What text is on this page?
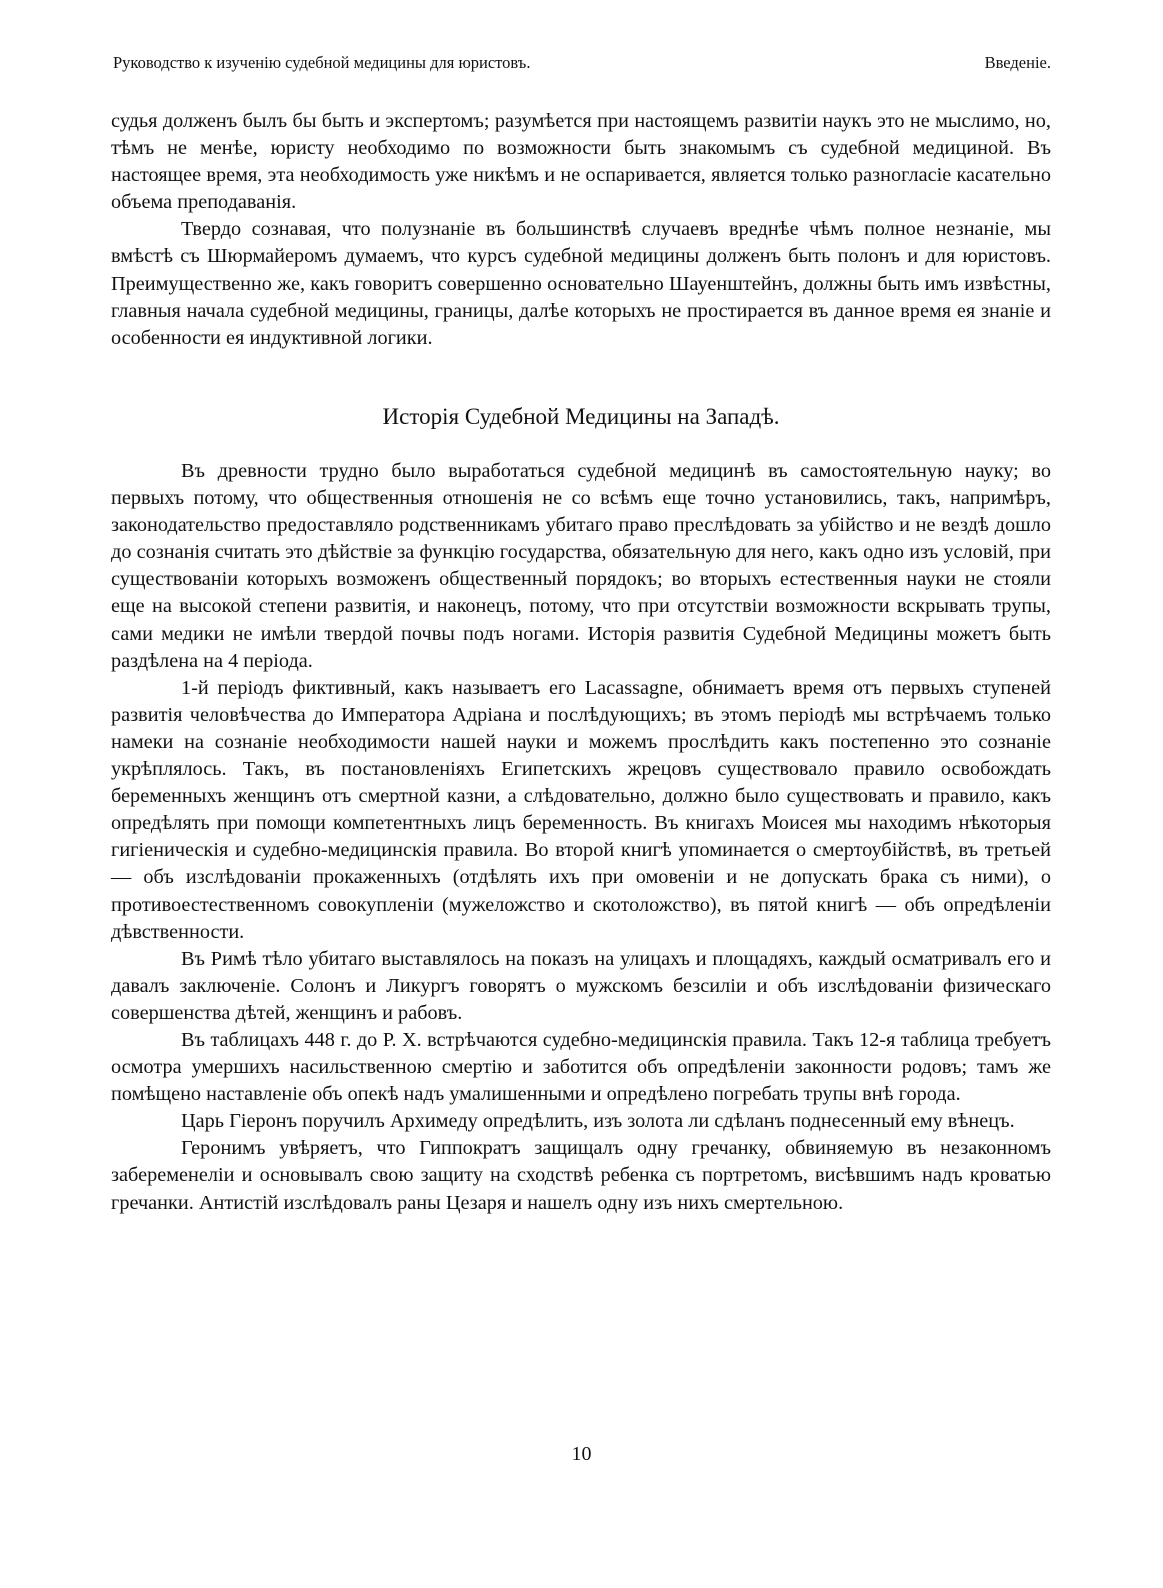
Руководство к изученію судебной медицины для юристовъ.	Введеніе.

судья долженъ былъ бы быть и экспертомъ; разумѣется при настоящемъ развитіи наукъ это не мыслимо, но, тѣмъ не менѣе, юристу необходимо по возможности быть знакомымъ съ судебной медициной. Въ настоящее время, эта необходимость уже никѣмъ и не оспаривается, является только разногласіе касательно объема преподаванія.

Твердо сознавая, что полузнаніе въ большинствѣ случаевъ вреднѣе чѣмъ полное незнаніе, мы вмѣстѣ съ Шюрмайеромъ думаемъ, что курсъ судебной медицины долженъ быть полонъ и для юристовъ. Преимущественно же, какъ говоритъ совершенно основательно Шауенштейнъ, должны быть имъ извѣстны, главныя начала судебной медицины, границы, далѣе которыхъ не простирается въ данное время ея знаніе и особенности ея индуктивной логики.

Исторія Судебной Медицины на Западѣ.

Въ древности трудно было выработаться судебной медицинѣ въ самостоятельную науку; во первыхъ потому, что общественныя отношенія не со всѣмъ еще точно установились, такъ, напримѣръ, законодательство предоставляло родственникамъ убитаго право преслѣдовать за убійство и не вездѣ дошло до сознанія считать это дѣйствіе за функцію государства, обязательную для него, какъ одно изъ условій, при существованіи которыхъ возможенъ общественный порядокъ; во вторыхъ естественныя науки не стояли еще на высокой степени развитія, и наконецъ, потому, что при отсутствіи возможности вскрывать трупы, сами медики не имѣли твердой почвы подъ ногами. Исторія развитія Судебной Медицины можетъ быть раздѣлена на 4 періода.

1-й періодъ фиктивный, какъ называетъ его Lacassagne, обнимаетъ время отъ первыхъ ступеней развитія человѣчества до Императора Адріана и послѣдующихъ; въ этомъ періодѣ мы встрѣчаемъ только намеки на сознаніе необходимости нашей науки и можемъ прослѣдить какъ постепенно это сознаніе укрѣплялось. Такъ, въ постановленіяхъ Египетскихъ жрецовъ существовало правило освобождать беременныхъ женщинъ отъ смертной казни, а слѣдовательно, должно было существовать и правило, какъ опредѣлять при помощи компетентныхъ лицъ беременность. Въ книгахъ Моисея мы находимъ нѣкоторыя гигіеническія и судебно-медицинскія правила. Во второй книгѣ упоминается о смертоубійствѣ, въ третьей — объ изслѣдованіи прокаженныхъ (отдѣлять ихъ при омовеніи и не допускать брака съ ними), о противоестественномъ совокупленіи (мужеложство и скотоложство), въ пятой книгѣ — объ опредѣленіи дѣвственности.

Въ Римѣ тѣло убитаго выставлялось на показъ на улицахъ и площадяхъ, каждый осматривалъ его и давалъ заключеніе. Солонъ и Ликургъ говорятъ о мужскомъ безсиліи и объ изслѣдованіи физическаго совершенства дѣтей, женщинъ и рабовъ.

Въ таблицахъ 448 г. до Р. Х. встрѣчаются судебно-медицинскія правила. Такъ 12-я таблица требуетъ осмотра умершихъ насильственною смертію и заботится объ опредѣленіи законности родовъ; тамъ же помѣщено наставленіе объ опекѣ надъ умалишенными и опредѣлено погребать трупы внѣ города.

Царь Гіеронъ поручилъ Архимеду опредѣлить, изъ золота ли сдѣланъ поднесенный ему вѣнецъ.

Геронимъ увѣряетъ, что Гиппократъ защищалъ одну гречанку, обвиняемую въ незаконномъ забеременеліи и основывалъ свою защиту на сходствѣ ребенка съ портретомъ, висѣвшимъ надъ кроватью гречанки. Антистій изслѣдовалъ раны Цезаря и нашелъ одну изъ нихъ смертельною.

10
